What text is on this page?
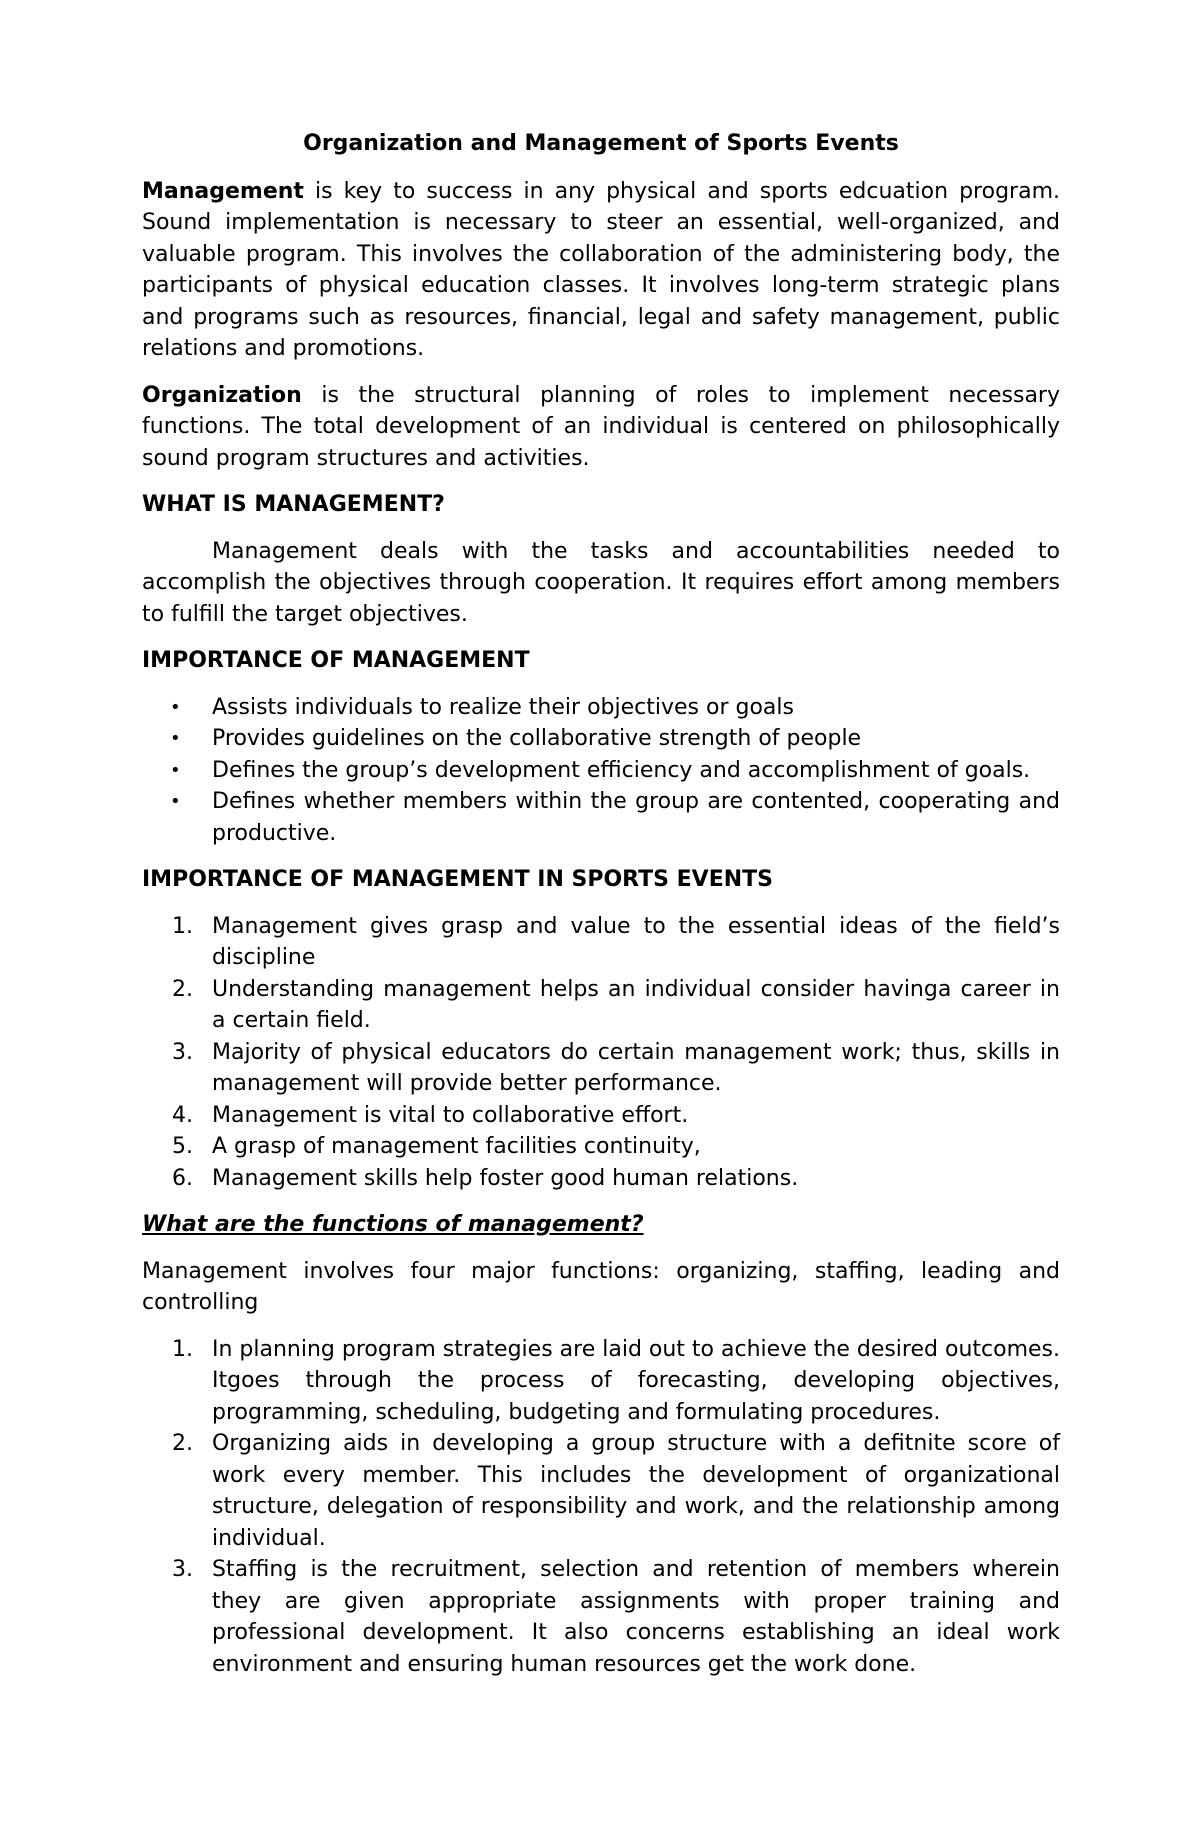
Organization and Management of Sports Events

Management is key to success in any physical and sports edcuation program. Sound implementation is necessary to steer an essential, well-organized, and valuable program. This involves the collaboration of the administering body, the participants of physical education classes. It involves long-term strategic plans and programs such as resources, financial, legal and safety management, public relations and promotions.

Organization is the structural planning of roles to implement necessary functions. The total development of an individual is centered on philosophically sound program structures and activities.

WHAT IS MANAGEMENT?

Management deals with the tasks and accountabilities needed to accomplish the objectives through cooperation. It requires effort among members to fulfill the target objectives.

IMPORTANCE OF MANAGEMENT
• Assists individuals to realize their objectives or goals
• Provides guidelines on the collaborative strength of people
• Defines the group’s development efficiency and accomplishment of goals.
• Defines whether members within the group are contented, cooperating and productive.
IMPORTANCE OF MANAGEMENT IN SPORTS EVENTS
1. Management gives grasp and value to the essential ideas of the field’s discipline
2. Understanding management helps an individual consider havinga career in a certain field.
3. Majority of physical educators do certain management work; thus, skills in management will provide better performance.
4. Management is vital to collaborative effort.
5. A grasp of management facilities continuity,
6. Management skills help foster good human relations.
What are the functions of management?

Management involves four major functions: organizing, staffing, leading and controlling

1. In planning program strategies are laid out to achieve the desired outcomes. Itgoes through the process of forecasting, developing objectives, programming, scheduling, budgeting and formulating procedures.
2. Organizing aids in developing a group structure with a defitnite score of work every member. This includes the development of organizational structure, delegation of responsibility and work, and the relationship among individual.
3. Staffing is the recruitment, selection and retention of members wherein they are given appropriate assignments with proper training and professional development. It also concerns establishing an ideal work environment and ensuring human resources get the work done.
